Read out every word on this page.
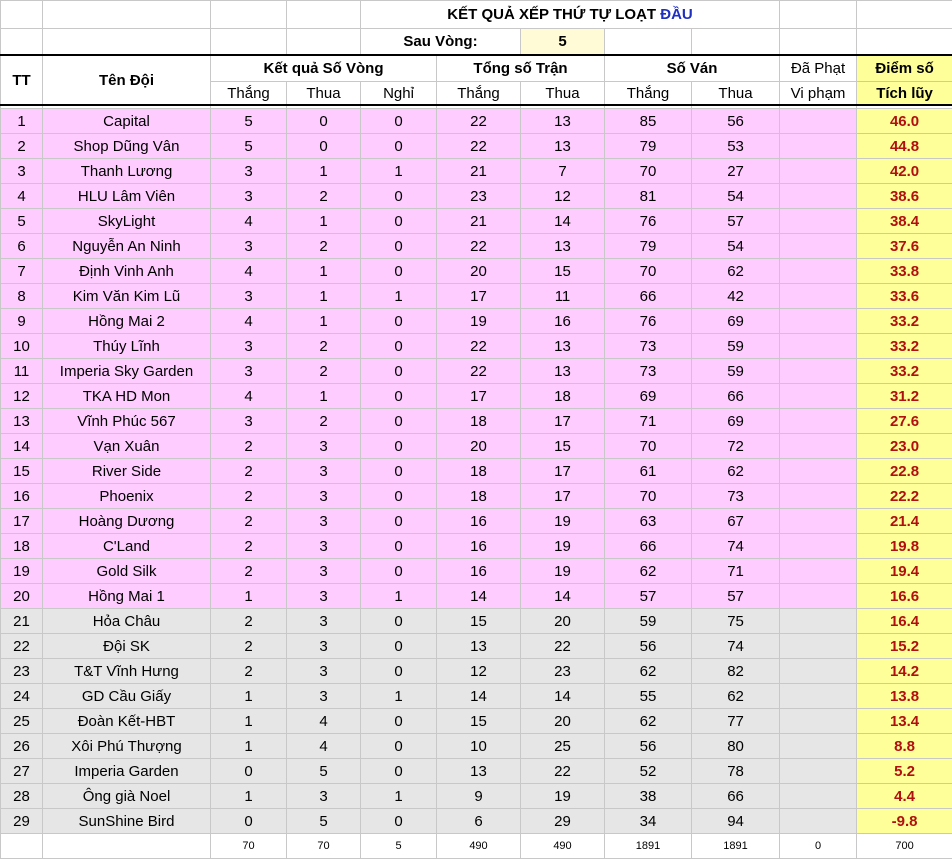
				KẾT QUẢ XẾP THỨ TỰ LOẠT ĐẦU						
				Sau Vòng:		5				
TT	Tên Đội	Kết quả Số Vòng			Tổng số Trận		Số Ván		Đã Phạt	Điểm số
		Thắng	Thua	Nghỉ	Thắng	Thua	Thắng	Thua	Vi phạm	Tích lũy

1	Capital	5	0	0	22	13	85	56		46.0
2	Shop Dũng Vân	5	0	0	22	13	79	53		44.8
3	Thanh Lương	3	1	1	21	7	70	27		42.0
4	HLU Lâm Viên	3	2	0	23	12	81	54		38.6
5	SkyLight	4	1	0	21	14	76	57		38.4
6	Nguyễn An Ninh	3	2	0	22	13	79	54		37.6
7	Định Vinh Anh	4	1	0	20	15	70	62		33.8
8	Kim Văn Kim Lũ	3	1	1	17	11	66	42		33.6
9	Hồng Mai 2	4	1	0	19	16	76	69		33.2
10	Thúy Lĩnh	3	2	0	22	13	73	59		33.2
11	Imperia Sky Garden	3	2	0	22	13	73	59		33.2
12	TKA HD Mon	4	1	0	17	18	69	66		31.2
13	Vĩnh Phúc 567	3	2	0	18	17	71	69		27.6
14	Vạn Xuân	2	3	0	20	15	70	72		23.0
15	River Side	2	3	0	18	17	61	62		22.8
16	Phoenix	2	3	0	18	17	70	73		22.2
17	Hoàng Dương	2	3	0	16	19	63	67		21.4
18	C'Land	2	3	0	16	19	66	74		19.8
19	Gold Silk	2	3	0	16	19	62	71		19.4
20	Hồng Mai 1	1	3	1	14	14	57	57		16.6
21	Hỏa Châu	2	3	0	15	20	59	75		16.4
22	Đội SK	2	3	0	13	22	56	74		15.2
23	T&T Vĩnh Hưng	2	3	0	12	23	62	82		14.2
24	GD Cầu Giấy	1	3	1	14	14	55	62		13.8
25	Đoàn Kết-HBT	1	4	0	15	20	62	77		13.4
26	Xôi Phú Thượng	1	4	0	10	25	56	80		8.8
27	Imperia Garden	0	5	0	13	22	52	78		5.2
28	Ông già Noel	1	3	1	9	19	38	66		4.4
29	SunShine Bird	0	5	0	6	29	34	94		-9.8
		70	70	5	490	490	1891	1891	0	700
